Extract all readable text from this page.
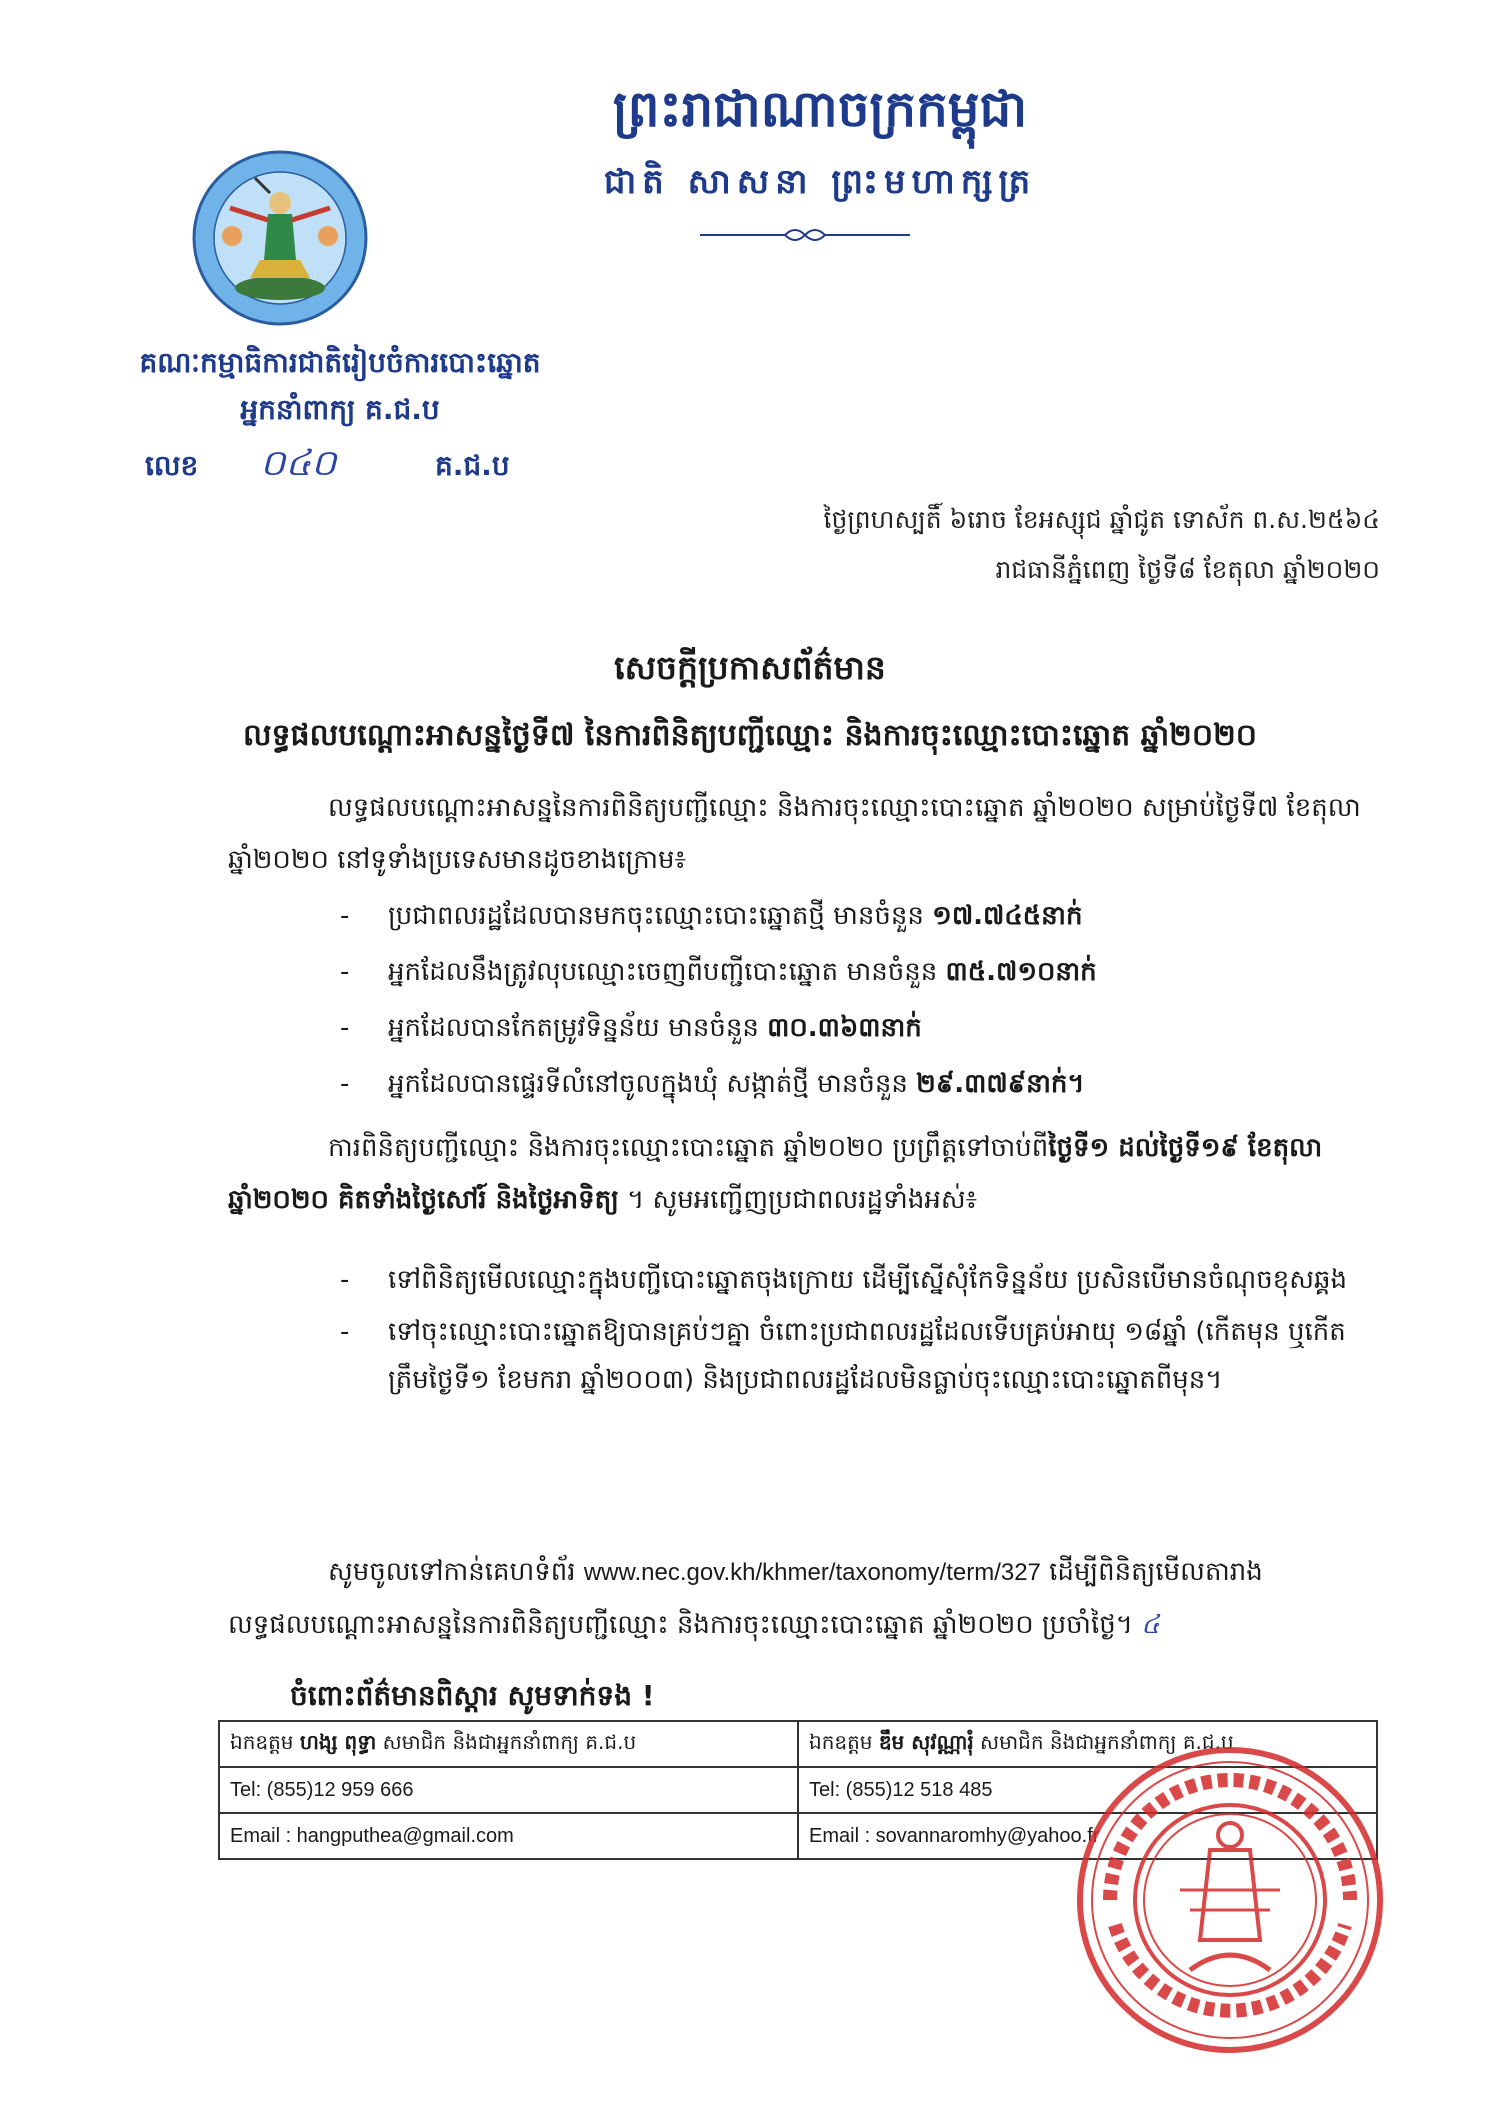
ព្រះរាជាណាចក្រកម្ពុជា
ជាតិ សាសនា ព្រះមហាក្សត្រ
គណៈកម្មាធិការជាតិរៀបចំការបោះឆ្នោត
អ្នកនាំពាក្យ គ.ជ.ប
លេខ ០៤០	គ.ជ.ប
ថ្ងៃព្រហស្បតិ៍ ៦រោច ខែអស្សុជ ឆ្នាំជូត ទោស័ក ព.ស.២៥៦៤
រាជធានីភ្នំពេញ ថ្ងៃទី៨ ខែតុលា ឆ្នាំ២០២០
សេចក្តីប្រកាសព័ត៌មាន
លទ្ធផលបណ្តោះអាសន្នថ្ងៃទី៧ នៃការពិនិត្យបញ្ជីឈ្មោះ និងការចុះឈ្មោះបោះឆ្នោត ឆ្នាំ២០២០

លទ្ធផលបណ្តោះអាសន្ននៃការពិនិត្យបញ្ជីឈ្មោះ និងការចុះឈ្មោះបោះឆ្នោត ឆ្នាំ២០២០ សម្រាប់ថ្ងៃទី៧ ខែតុលា ឆ្នាំ២០២០ នៅទូទាំងប្រទេសមានដូចខាងក្រោម៖

- ប្រជាពលរដ្ឋដែលបានមកចុះឈ្មោះបោះឆ្នោតថ្មី មានចំនួន ១៧.៧៤៥នាក់
- អ្នកដែលនឹងត្រូវលុបឈ្មោះចេញពីបញ្ជីបោះឆ្នោត មានចំនួន ៣៥.៧១០នាក់
- អ្នកដែលបានកែតម្រូវទិន្នន័យ មានចំនួន ៣០.៣៦៣នាក់
- អ្នកដែលបានផ្ទេរទីលំនៅចូលក្នុងឃុំ សង្កាត់ថ្មី មានចំនួន ២៩.៣៧៩នាក់។

ការពិនិត្យបញ្ជីឈ្មោះ និងការចុះឈ្មោះបោះឆ្នោត ឆ្នាំ២០២០ ប្រព្រឹត្តទៅចាប់ពីថ្ងៃទី១ ដល់ថ្ងៃទី១៩ ខែតុលា ឆ្នាំ២០២០ គិតទាំងថ្ងៃសៅរ៍ និងថ្ងៃអាទិត្យ ។ សូមអញ្ជើញប្រជាពលរដ្ឋទាំងអស់៖

- ទៅពិនិត្យមើលឈ្មោះក្នុងបញ្ជីបោះឆ្នោតចុងក្រោយ ដើម្បីស្នើសុំកែទិន្នន័យ ប្រសិនបើមានចំណុចខុសឆ្គង
- ទៅចុះឈ្មោះបោះឆ្នោតឱ្យបានគ្រប់ៗគ្នា ចំពោះប្រជាពលរដ្ឋដែលទើបគ្រប់អាយុ ១៨ឆ្នាំ (កើតមុន ឬកើតត្រឹមថ្ងៃទី១ ខែមករា ឆ្នាំ២០០៣) និងប្រជាពលរដ្ឋដែលមិនធ្លាប់ចុះឈ្មោះបោះឆ្នោតពីមុន។

សូមចូលទៅកាន់គេហទំព័រ www.nec.gov.kh/khmer/taxonomy/term/327 ដើម្បីពិនិត្យមើលតារាងលទ្ធផលបណ្តោះអាសន្ននៃការពិនិត្យបញ្ជីឈ្មោះ និងការចុះឈ្មោះបោះឆ្នោត ឆ្នាំ២០២០ ប្រចាំថ្ងៃ។ ៤

ចំពោះព័ត៌មានពិស្តារ សូមទាក់ទង !
ឯកឧត្តម ហង្ស ពុទ្ធា សមាជិក និងជាអ្នកនាំពាក្យ គ.ជ.ប	ឯកឧត្តម ឌឹម សុវណ្ណារុំ សមាជិក និងជាអ្នកនាំពាក្យ គ.ជ.ប
Tel: (855)12 959 666	Tel: (855)12 518 485
Email : hangputhea@gmail.com	Email : sovannaromhy@yahoo.fr
